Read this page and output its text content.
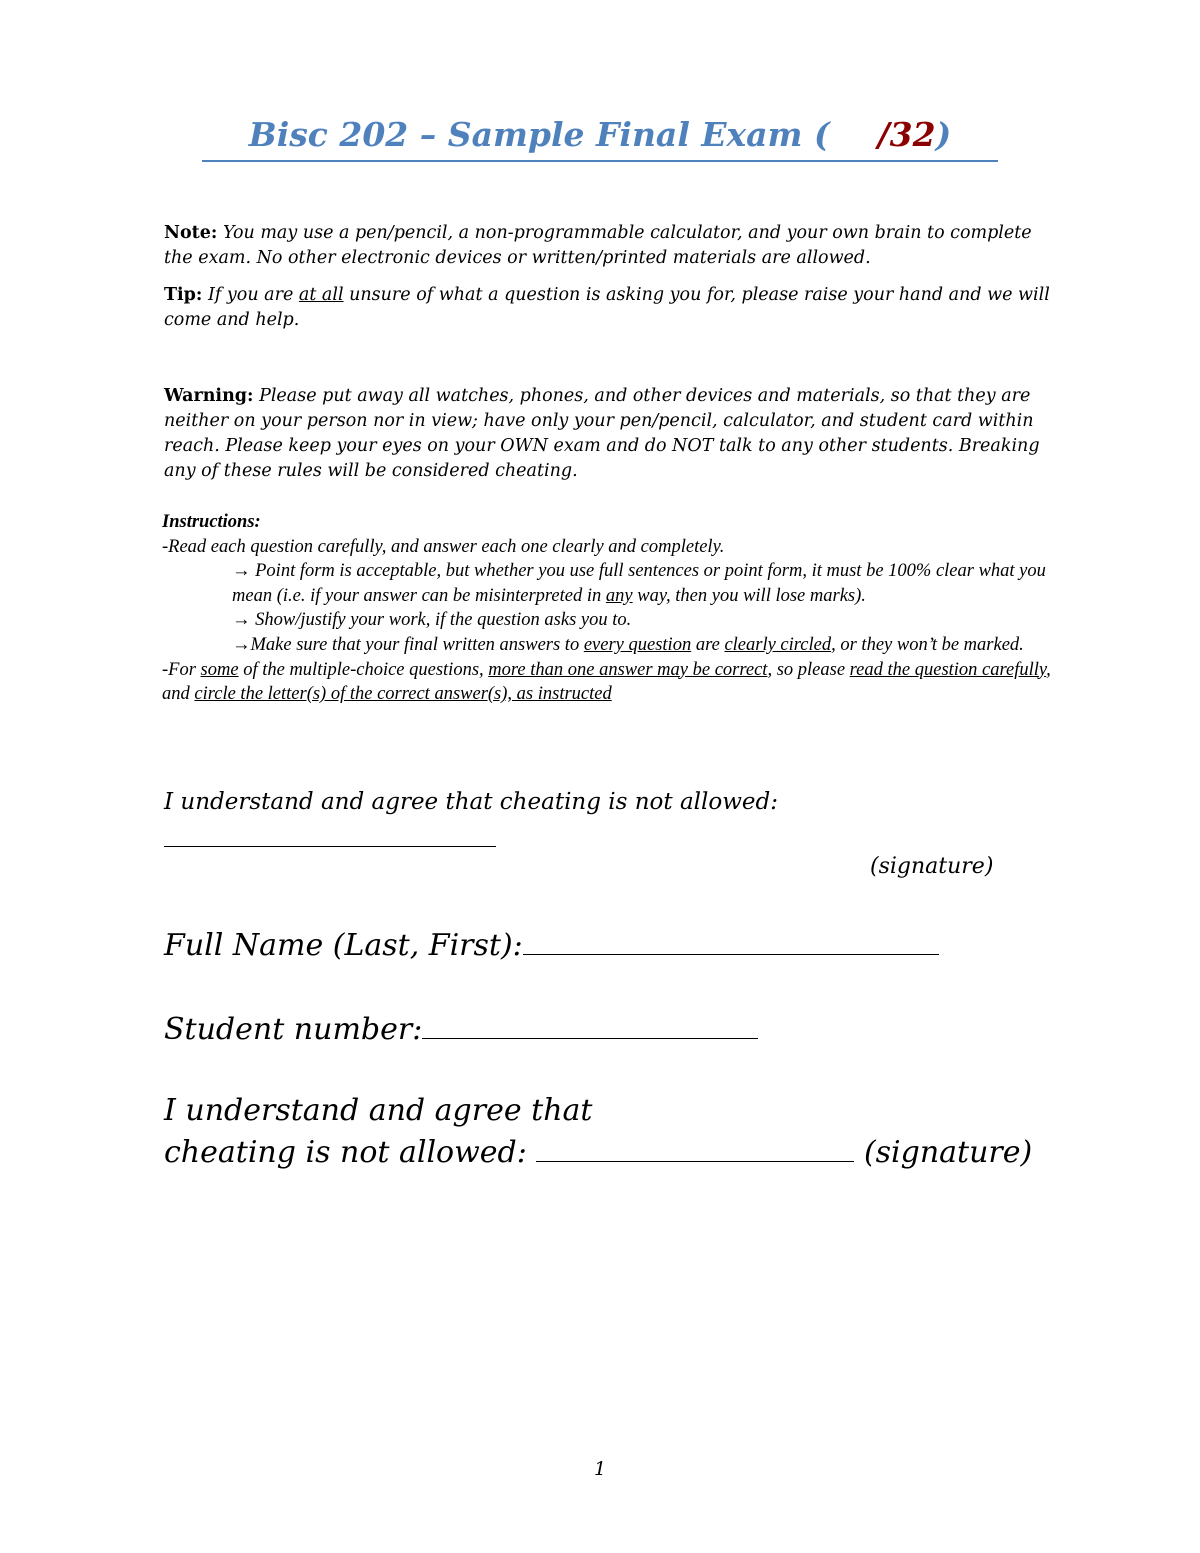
Bisc 202 – Sample Final Exam ( /32)
Note: You may use a pen/pencil, a non-programmable calculator, and your own brain to complete the exam. No other electronic devices or written/printed materials are allowed.
Tip: If you are at all unsure of what a question is asking you for, please raise your hand and we will come and help.
Warning: Please put away all watches, phones, and other devices and materials, so that they are neither on your person nor in view; have only your pen/pencil, calculator, and student card within reach. Please keep your eyes on your OWN exam and do NOT talk to any other students. Breaking any of these rules will be considered cheating.
Instructions:
-Read each question carefully, and answer each one clearly and completely.
→ Point form is acceptable, but whether you use full sentences or point form, it must be 100% clear what you mean (i.e. if your answer can be misinterpreted in any way, then you will lose marks).
→ Show/justify your work, if the question asks you to.
→Make sure that your final written answers to every question are clearly circled, or they won’t be marked.
-For some of the multiple-choice questions, more than one answer may be correct, so please read the question carefully, and circle the letter(s) of the correct answer(s), as instructed
I understand and agree that cheating is not allowed:
(signature)
Full Name (Last, First):
Student number:
I understand and agree that
cheating is not allowed:	(signature)
1
